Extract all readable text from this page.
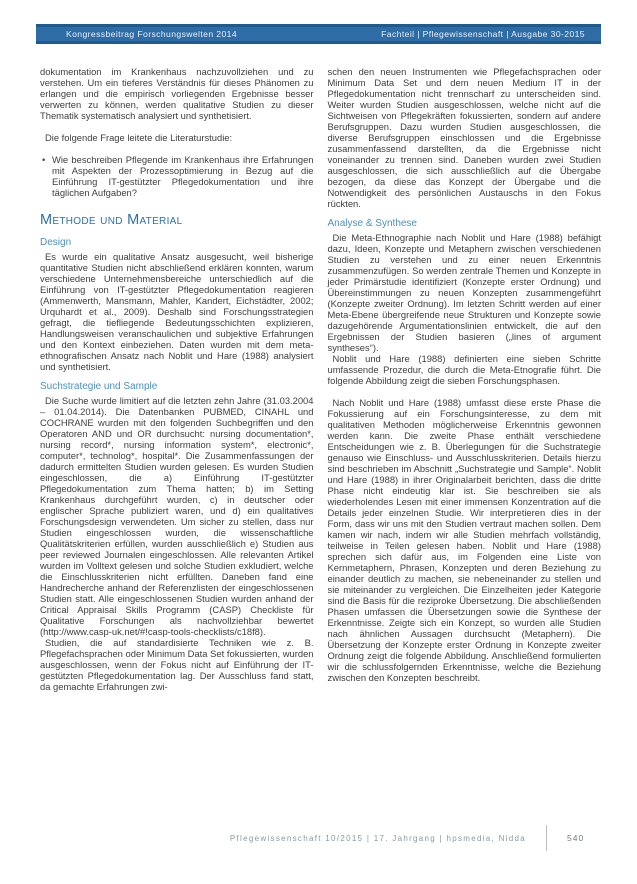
Kongressbeitrag Forschungswelten 2014	Fachteil | Pflegewissenschaft | Ausgabe 30-2015

dokumentation im Krankenhaus nachzuvollziehen und zu verstehen. Um ein tieferes Verständnis für dieses Phänomen zu erlangen und die empirisch vorliegenden Ergebnisse besser verwerten zu können, werden qualitative Studien zu dieser Thematik systematisch analysiert und synthetisiert.

Die folgende Frage leitete die Literaturstudie:

• Wie beschreiben Pflegende im Krankenhaus ihre Erfahrungen mit Aspekten der Prozessoptimierung in Bezug auf die Einführung IT-gestützter Pflegedokumentation und ihre täglichen Aufgaben?

Methode und Material
Design

Es wurde ein qualitative Ansatz ausgesucht, weil bisherige quantitative Studien nicht abschließend erklären konnten, warum verschiedene Unternehmensbereiche unterschiedlich auf die Einführung von IT-gestützter Pflegedokumentation reagieren (Ammenwerth, Mansmann, Mahler, Kandert, Eichstädter, 2002; Urquhardt et al., 2009). Deshalb sind Forschungsstrategien gefragt, die tiefliegende Bedeutungsschichten explizieren, Handlungsweisen veranschaulichen und subjektive Erfahrungen und den Kontext einbeziehen. Daten wurden mit dem meta-ethnografischen Ansatz nach Noblit und Hare (1988) analysiert und synthetisiert.

Suchstrategie und Sample

Die Suche wurde limitiert auf die letzten zehn Jahre (31.03.2004 – 01.04.2014). Die Datenbanken PUBMED, CINAHL und COCHRANE wurden mit den folgenden Suchbegriffen und den Operatoren AND und OR durchsucht: nursing documentation*, nursing record*, nursing information system*, electronic*, computer*, technolog*, hospital*. Die Zusammenfassungen der dadurch ermittelten Studien wurden gelesen. Es wurden Studien eingeschlossen, die a) Einführung IT-gestützter Pflegedokumentation zum Thema hatten; b) im Setting Krankenhaus durchgeführt wurden, c) in deutscher oder englischer Sprache publiziert waren, und d) ein qualitatives Forschungsdesign verwendeten. Um sicher zu stellen, dass nur Studien eingeschlossen wurden, die wissenschaftliche Qualitätskriterien erfüllen, wurden ausschließlich e) Studien aus peer reviewed Journalen eingeschlossen. Alle relevanten Artikel wurden im Volltext gelesen und solche Studien exkludiert, welche die Einschlusskriterien nicht erfüllten. Daneben fand eine Handrecherche anhand der Referenzlisten der eingeschlossenen Studien statt. Alle eingeschlossenen Studien wurden anhand der Critical Appraisal Skills Programm (CASP) Checkliste für Qualitative Forschungen als nachvollziehbar bewertet (http://www.casp-uk.net/#!casp-tools-checklists/c18f8).

Studien, die auf standardisierte Techniken wie z. B. Pflegefachsprachen oder Minimum Data Set fokussierten, wurden ausgeschlossen, wenn der Fokus nicht auf Einführung der IT-gestützten Pflegedokumentation lag. Der Ausschluss fand statt, da gemachte Erfahrungen zwi-

schen den neuen Instrumenten wie Pflegefachsprachen oder Minimum Data Set und dem neuen Medium IT in der Pflegedokumentation nicht trennscharf zu unterscheiden sind. Weiter wurden Studien ausgeschlossen, welche nicht auf die Sichtweisen von Pflegekräften fokussierten, sondern auf andere Berufsgruppen. Dazu wurden Studien ausgeschlossen, die diverse Berufsgruppen einschlossen und die Ergebnisse zusammenfassend darstellten, da die Ergebnisse nicht voneinander zu trennen sind. Daneben wurden zwei Studien ausgeschlossen, die sich ausschließlich auf die Übergabe bezogen, da diese das Konzept der Übergabe und die Notwendigkeit des persönlichen Austauschs in den Fokus rückten.

Analyse & Synthese

Die Meta-Ethnographie nach Noblit und Hare (1988) befähigt dazu, Ideen, Konzepte und Metaphern zwischen verschiedenen Studien zu verstehen und zu einer neuen Erkenntnis zusammenzufügen. So werden zentrale Themen und Konzepte in jeder Primärstudie identifiziert (Konzepte erster Ordnung) und Übereinstimmungen zu neuen Konzepten zusammengeführt (Konzepte zweiter Ordnung). Im letzten Schritt werden auf einer Meta-Ebene übergreifende neue Strukturen und Konzepte sowie dazugehörende Argumentationslinien entwickelt, die auf den Ergebnissen der Studien basieren („lines of argument syntheses“).

Noblit und Hare (1988) definierten eine sieben Schritte umfassende Prozedur, die durch die Meta-Etnografie führt. Die folgende Abbildung zeigt die sieben Forschungsphasen.

Nach Noblit und Hare (1988) umfasst diese erste Phase die Fokussierung auf ein Forschungsinteresse, zu dem mit qualitativen Methoden möglicherweise Erkenntnis gewonnen werden kann. Die zweite Phase enthält verschiedene Entscheidungen wie z. B. Überlegungen für die Suchstrategie genauso wie Einschluss- und Ausschlusskriterien. Details hierzu sind beschrieben im Abschnitt „Suchstrategie und Sample“. Noblit und Hare (1988) in ihrer Originalarbeit berichten, dass die dritte Phase nicht eindeutig klar ist. Sie beschreiben sie als wiederholendes Lesen mit einer immensen Konzentration auf die Details jeder einzelnen Studie. Wir interpretieren dies in der Form, dass wir uns mit den Studien vertraut machen sollen. Dem kamen wir nach, indem wir alle Studien mehrfach vollständig, teilweise in Teilen gelesen haben. Noblit und Hare (1988) sprechen sich dafür aus, im Folgenden eine Liste von Kernmetaphern, Phrasen, Konzepten und deren Beziehung zu einander deutlich zu machen, sie nebeneinander zu stellen und sie miteinander zu vergleichen. Die Einzelheiten jeder Kategorie sind die Basis für die reziproke Übersetzung. Die abschließenden Phasen umfassen die Übersetzungen sowie die Synthese der Erkenntnisse. Zeigte sich ein Konzept, so wurden alle Studien nach ähnlichen Aussagen durchsucht (Metaphern). Die Übersetzung der Konzepte erster Ordnung in Konzepte zweiter Ordnung zeigt die folgende Abbildung. Anschließend formulierten wir die schlussfolgernden Erkenntnisse, welche die Beziehung zwischen den Konzepten beschreibt.

Pflegewissenschaft 10/2015 | 17. Jahrgang | hpsmedia, Nidda	540
